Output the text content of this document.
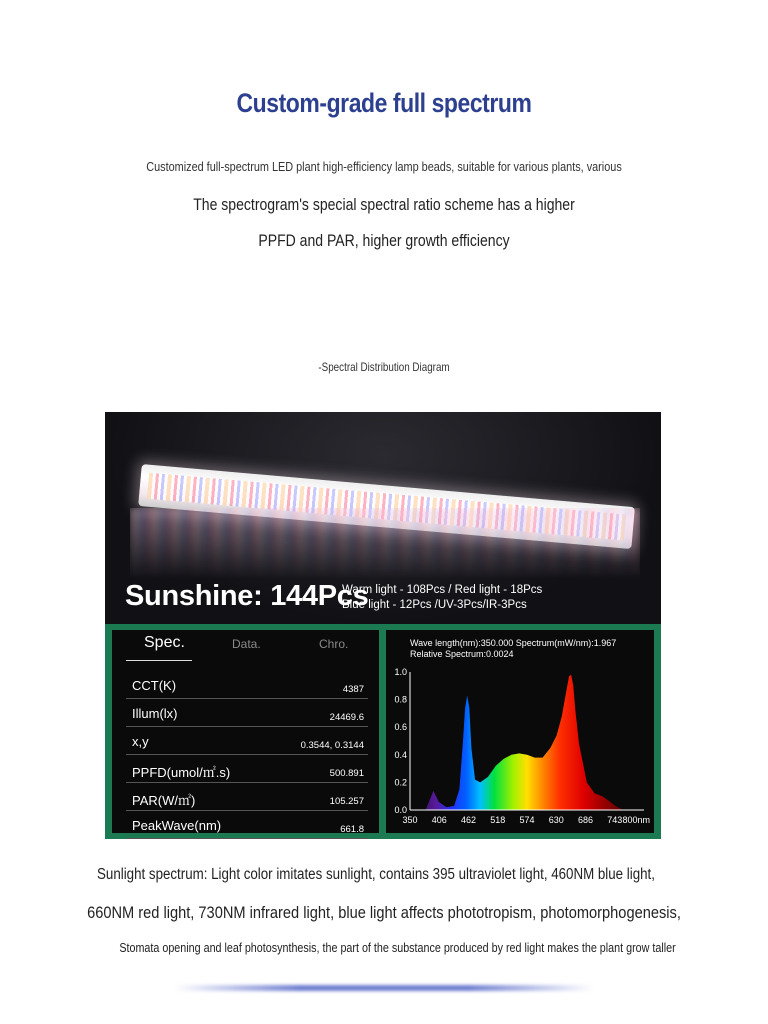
Custom-grade full spectrum
Customized full-spectrum LED plant high-efficiency lamp beads, suitable for various plants, various

The spectrogram's special spectral ratio scheme has a higher
PPFD and PAR, higher growth efficiency
-Spectral Distribution Diagram
Sunshine: 144Pcs
Warm light - 108Pcs / Red light - 18Pcs
Blue light - 12Pcs /UV-3Pcs/IR-3Pcs
Spec.	Data.	Chro.
CCT(K)	4387
Illum(lx)	24469.6
x,y	0.3544, 0.3144
PPFD(umol/㎡.s)	500.891
PAR(W/㎡)	105.257
PeakWave(nm)	661.8
0.0
0.2
0.4
0.6
0.8
1.0
350 406 462 518 574 630 686 743 800nm
Wave length(nm):350.000 Spectrum(mW/nm):1.967
Relative Spectrum:0.0024
Sunlight spectrum: Light color imitates sunlight, contains 395 ultraviolet light, 460NM blue light,
660NM red light, 730NM infrared light, blue light affects phototropism, photomorphogenesis,
Stomata opening and leaf photosynthesis, the part of the substance produced by red light makes the plant grow taller
